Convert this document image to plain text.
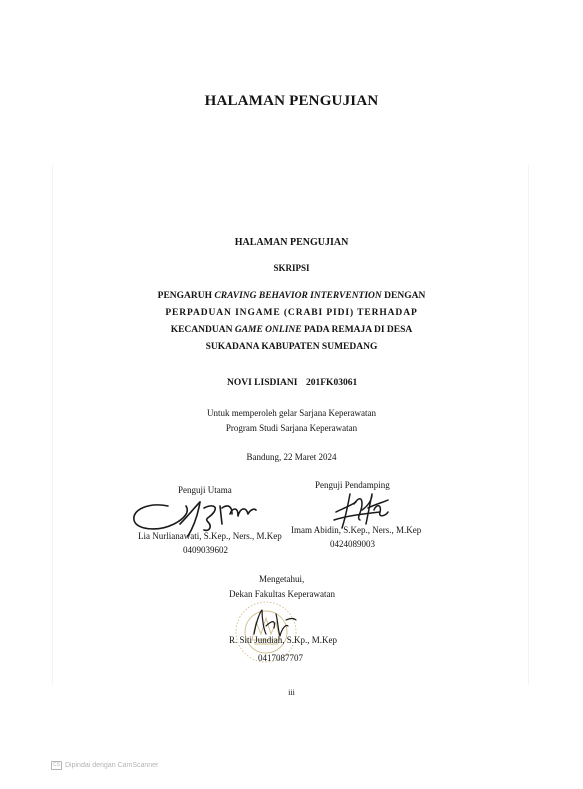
HALAMAN PENGUJIAN
HALAMAN PENGUJIAN
SKRIPSI
PENGARUH CRAVING BEHAVIOR INTERVENTION DENGAN
PERPADUAN INGAME (CRABI PIDI) TERHADAP
KECANDUAN GAME ONLINE PADA REMAJA DI DESA
SUKADANA KABUPATEN SUMEDANG
NOVI LISDIANI 201FK03061
Untuk memperoleh gelar Sarjana Keperawatan
Program Studi Sarjana Keperawatan
Bandung, 22 Maret 2024
Penguji Utama	Penguji Pendamping
Lia Nurlianawati, S.Kep., Ners., M.Kep
0409039602
Imam Abidin, S.Kep., Ners., M.Kep
0424089003
Mengetahui,
Dekan Fakultas Keperawatan
R. Siti Jundiah, S.Kp., M.Kep
0417087707
iii
CS Dipindai dengan CamScanner
